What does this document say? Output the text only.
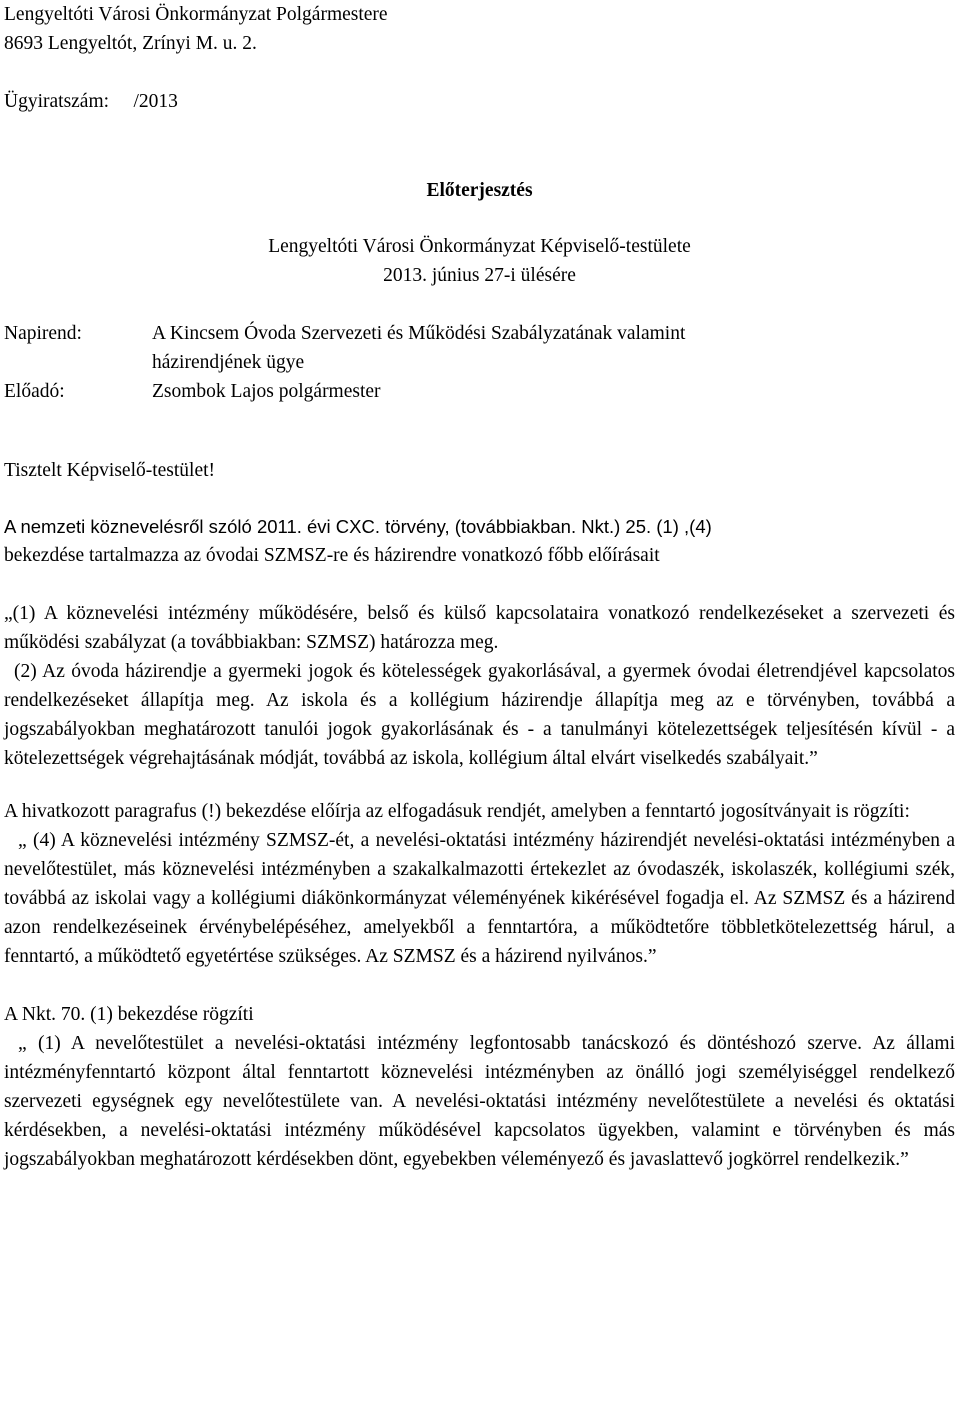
Lengyeltóti Városi Önkormányzat Polgármestere
8693 Lengyeltót, Zrínyi M. u. 2.
Ügyiratszám: /2013
Előterjesztés
Lengyeltóti Városi Önkormányzat Képviselő-testülete
2013. június 27-i ülésére
Napirend:	A Kincsem Óvoda Szervezeti és Működési Szabályzatának valamint
házirendjének ügye
Előadó:	Zsombok Lajos polgármester
Tisztelt Képviselő-testület!
A nemzeti köznevelésről szóló 2011. évi CXC. törvény, (továbbiakban. Nkt.) 25. (1) ,(4)
bekezdése tartalmazza az óvodai SZMSZ-re és házirendre vonatkozó főbb előírásait
„(1) A köznevelési intézmény működésére, belső és külső kapcsolataira vonatkozó rendelkezéseket a szervezeti és működési szabályzat (a továbbiakban: SZMSZ) határozza meg.
(2) Az óvoda házirendje a gyermeki jogok és kötelességek gyakorlásával, a gyermek óvodai életrendjével kapcsolatos rendelkezéseket állapítja meg. Az iskola és a kollégium házirendje állapítja meg az e törvényben, továbbá a jogszabályokban meghatározott tanulói jogok gyakorlásának és - a tanulmányi kötelezettségek teljesítésén kívül - a kötelezettségek végrehajtásának módját, továbbá az iskola, kollégium által elvárt viselkedés szabályait.”
A hivatkozott paragrafus (!) bekezdése előírja az elfogadásuk rendjét, amelyben a fenntartó jogosítványait is rögzíti:
„ (4) A köznevelési intézmény SZMSZ-ét, a nevelési-oktatási intézmény házirendjét nevelési-oktatási intézményben a nevelőtestület, más köznevelési intézményben a szakalkalmazotti értekezlet az óvodaszék, iskolaszék, kollégiumi szék, továbbá az iskolai vagy a kollégiumi diákönkormányzat véleményének kikérésével fogadja el. Az SZMSZ és a házirend azon rendelkezéseinek érvénybelépéséhez, amelyekből a fenntartóra, a működtetőre többletkötelezettség hárul, a fenntartó, a működtető egyetértése szükséges. Az SZMSZ és a házirend nyilvános.”
A Nkt. 70. (1) bekezdése rögzíti
„ (1) A nevelőtestület a nevelési-oktatási intézmény legfontosabb tanácskozó és döntéshozó szerve. Az állami intézményfenntartó központ által fenntartott köznevelési intézményben az önálló jogi személyiséggel rendelkező szervezeti egységnek egy nevelőtestülete van. A nevelési-oktatási intézmény nevelőtestülete a nevelési és oktatási kérdésekben, a nevelési-oktatási intézmény működésével kapcsolatos ügyekben, valamint e törvényben és más jogszabályokban meghatározott kérdésekben dönt, egyebekben véleményező és javaslattevő jogkörrel rendelkezik.”
